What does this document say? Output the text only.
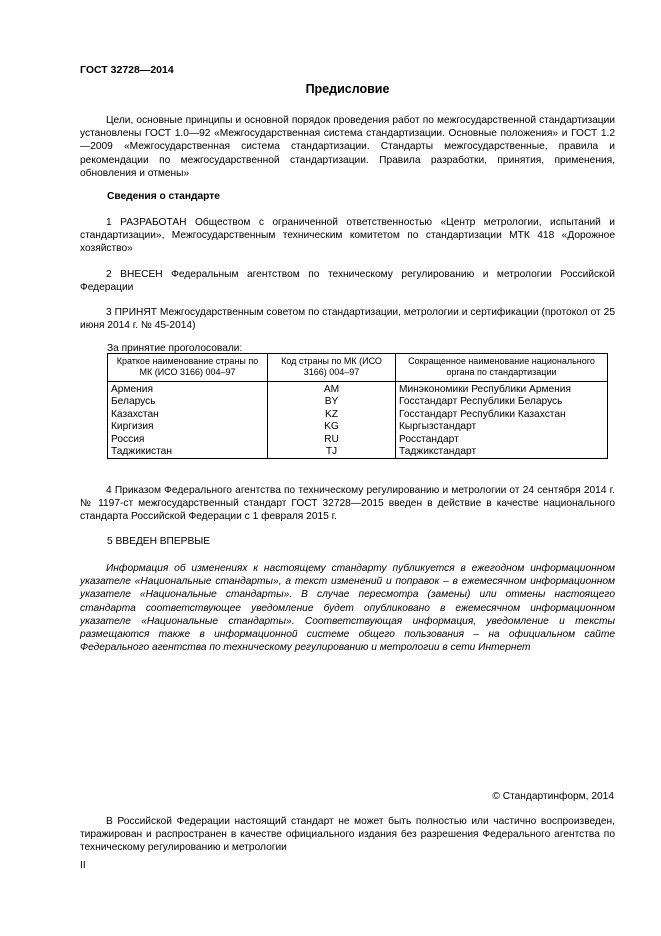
ГОСТ 32728—2014
Предисловие
Цели, основные принципы и основной порядок проведения работ по межгосударственной стандартизации установлены ГОСТ 1.0—92 «Межгосударственная система стандартизации. Основные положения» и ГОСТ 1.2—2009 «Межгосударственная система стандартизации. Стандарты межгосударственные, правила и рекомендации по межгосударственной стандартизации. Правила разработки, принятия, применения, обновления и отмены»
Сведения о стандарте
1 РАЗРАБОТАН Обществом с ограниченной ответственностью «Центр метрологии, испытаний и стандартизации», Межгосударственным техническим комитетом по стандартизации МТК 418 «Дорожное хозяйство»
2 ВНЕСЕН Федеральным агентством по техническому регулированию и метрологии Российской Федерации
3 ПРИНЯТ Межгосударственным советом по стандартизации, метрологии и сертификации (протокол от 25 июня 2014 г. № 45-2014)
За принятие проголосовали:
Краткое наименование страны по МК (ИСО 3166) 004–97	Код страны по МК (ИСО 3166) 004–97	Сокращенное наименование национального органа по стандартизации
Армения	AM	Минэкономики Республики Армения
Беларусь	BY	Госстандарт Республики Беларусь
Казахстан	KZ	Госстандарт Республики Казахстан
Киргизия	KG	Кыргызстандарт
Россия	RU	Росстандарт
Таджикистан	TJ	Таджикстандарт
4 Приказом Федерального агентства по техническому регулированию и метрологии от 24 сентября 2014 г. № 1197-ст межгосударственный стандарт ГОСТ 32728—2015 введен в действие в качестве национального стандарта Российской Федерации с 1 февраля 2015 г.
5 ВВЕДЕН ВПЕРВЫЕ
Информация об изменениях к настоящему стандарту публикуется в ежегодном информационном указателе «Национальные стандарты», а текст изменений и поправок – в ежемесячном информационном указателе «Национальные стандарты». В случае пересмотра (замены) или отмены настоящего стандарта соответствующее уведомление будет опубликовано в ежемесячном информационном указателе «Национальные стандарты». Соответствующая информация, уведомление и тексты размещаются также в информационной системе общего пользования – на официальном сайте Федерального агентства по техническому регулированию и метрологии в сети Интернет
© Стандартинформ, 2014
В Российской Федерации настоящий стандарт не может быть полностью или частично воспроизведен, тиражирован и распространен в качестве официального издания без разрешения Федерального агентства по техническому регулированию и метрологии
II
